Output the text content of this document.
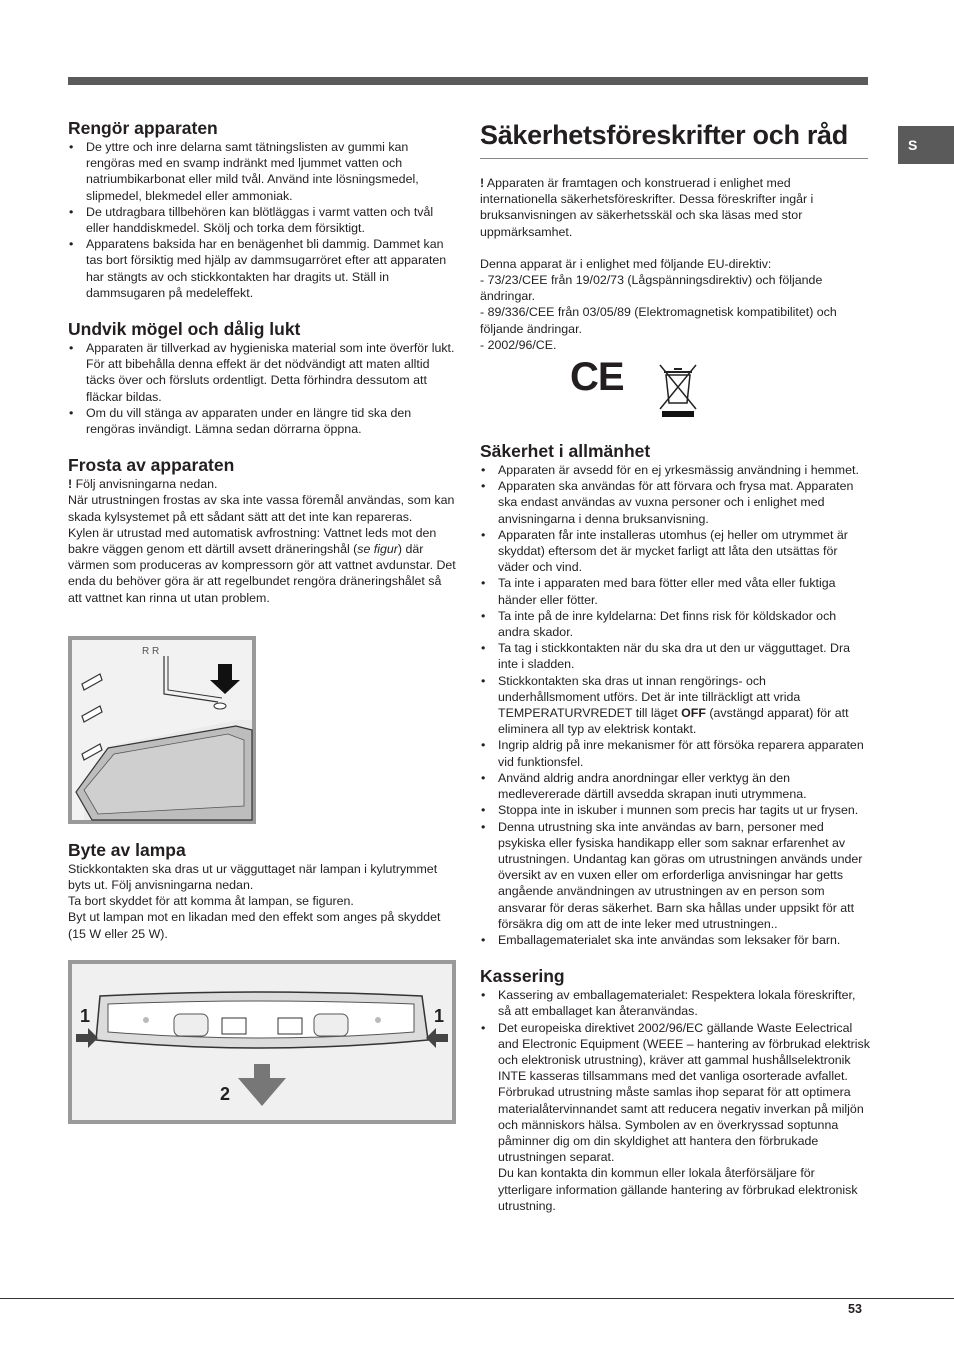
S
Rengör apparaten
• De yttre och inre delarna samt tätningslisten av gummi kan rengöras med en svamp indränkt med ljummet vatten och natriumbikarbonat eller mild tvål. Använd inte lösningsmedel, slipmedel, blekmedel eller ammoniak.
• De utdragbara tillbehören kan blötläggas i varmt vatten och tvål eller handdiskmedel. Skölj och torka dem försiktigt.
• Apparatens baksida har en benägenhet bli dammig. Dammet kan tas bort försiktig med hjälp av dammsugarröret efter att apparaten har stängts av och stickkontakten har dragits ut. Ställ in dammsugaren på medeleffekt.
Undvik mögel och dålig lukt
• Apparaten är tillverkad av hygieniska material som inte överför lukt. För att bibehålla denna effekt är det nödvändigt att maten alltid täcks över och försluts ordentligt. Detta förhindra dessutom att fläckar bildas.
• Om du vill stänga av apparaten under en längre tid ska den rengöras invändigt. Lämna sedan dörrarna öppna.
Frosta av apparaten

! Följ anvisningarna nedan.

När utrustningen frostas av ska inte vassa föremål användas, som kan skada kylsystemet på ett sådant sätt att det inte kan repareras.

Kylen är utrustad med automatisk avfrostning: Vattnet leds mot den bakre väggen genom ett därtill avsett dräneringshål (se figur) där värmen som produceras av kompressorn gör att vattnet avdunstar. Det enda du behöver göra är att regelbundet rengöra dräneringshålet så att vattnet kan rinna ut utan problem.

R R
Byte av lampa

Stickkontakten ska dras ut ur vägguttaget när lampan i kylutrymmet byts ut. Följ anvisningarna nedan.

Ta bort skyddet för att komma åt lampan, se figuren.

Byt ut lampan mot en likadan med den effekt som anges på skyddet (15 W eller 25 W).

1	1
2
Säkerhetsföreskrifter och råd

! Apparaten är framtagen och konstruerad i enlighet med internationella säkerhetsföreskrifter. Dessa föreskrifter ingår i bruksanvisningen av säkerhetsskäl och ska läsas med stor uppmärksamhet.

Denna apparat är i enlighet med följande EU-direktiv:

- 73/23/CEE från 19/02/73 (Lågspänningsdirektiv) och följande ändringar.

- 89/336/CEE från 03/05/89 (Elektromagnetisk kompatibilitet) och följande ändringar.

- 2002/96/CE.

CE
Säkerhet i allmänhet
• Apparaten är avsedd för en ej yrkesmässig användning i hemmet.
• Apparaten ska användas för att förvara och frysa mat. Apparaten ska endast användas av vuxna personer och i enlighet med anvisningarna i denna bruksanvisning.
• Apparaten får inte installeras utomhus (ej heller om utrymmet är skyddat) eftersom det är mycket farligt att låta den utsättas för väder och vind.
• Ta inte i apparaten med bara fötter eller med våta eller fuktiga händer eller fötter.
• Ta inte på de inre kyldelarna: Det finns risk för köldskador och andra skador.
• Ta tag i stickkontakten när du ska dra ut den ur vägguttaget. Dra inte i sladden.
• Stickkontakten ska dras ut innan rengörings- och underhållsmoment utförs. Det är inte tillräckligt att vrida TEMPERATURVREDET till läget OFF (avstängd apparat) för att eliminera all typ av elektrisk kontakt.
• Ingrip aldrig på inre mekanismer för att försöka reparera apparaten vid funktionsfel.
• Använd aldrig andra anordningar eller verktyg än den medlevererade därtill avsedda skrapan inuti utrymmena.
• Stoppa inte in iskuber i munnen som precis har tagits ut ur frysen.
• Denna utrustning ska inte användas av barn, personer med psykiska eller fysiska handikapp eller som saknar erfarenhet av utrustningen. Undantag kan göras om utrustningen används under översikt av en vuxen eller om erforderliga anvisningar har getts angående användningen av utrustningen av en person som ansvarar för deras säkerhet. Barn ska hållas under uppsikt för att försäkra dig om att de inte leker med utrustningen..
• Emballagematerialet ska inte användas som leksaker för barn.
Kassering
• Kassering av emballagematerialet: Respektera lokala föreskrifter, så att emballaget kan återanvändas.
• Det europeiska direktivet 2002/96/EC gällande Waste Eelectrical and Electronic Equipment (WEEE – hantering av förbrukad elektrisk och elektronisk utrustning), kräver att gammal hushållselektronik INTE kasseras tillsammans med det vanliga osorterade avfallet. Förbrukad utrustning måste samlas ihop separat för att optimera materialåtervinnandet samt att reducera negativ inverkan på miljön och människors hälsa. Symbolen av en överkryssad soptunna påminner dig om din skyldighet att hantera den förbrukade utrustningen separat.
Du kan kontakta din kommun eller lokala återförsäljare för ytterligare information gällande hantering av förbrukad elektronisk utrustning.
53
